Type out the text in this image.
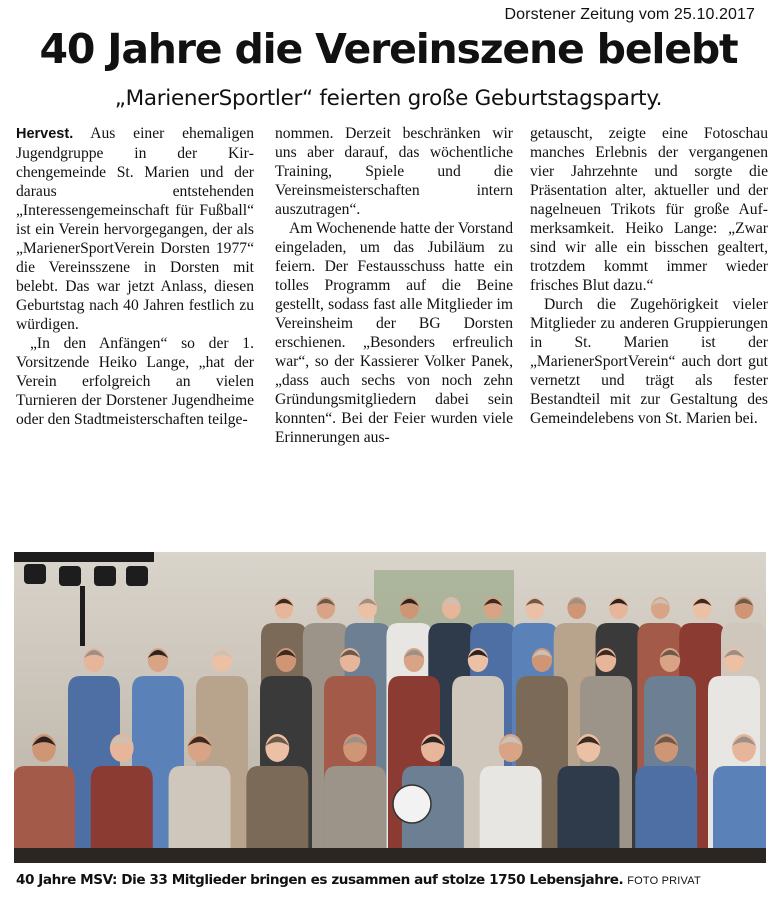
Dorstener Zeitung vom 25.10.2017
40 Jahre die Vereinszene belebt
„MarienerSportler“ feierten große Geburtstagsparty.

Hervest. Aus einer ehemaligen Jugendgruppe in der Kirchengemeinde St. Marien und der daraus entstehenden „Interessengemeinschaft für Fußball“ ist ein Verein hervorgegangen, der als „MarienerSportVerein Dorsten 1977“ die Vereinsszene in Dorsten mit belebt. Das war jetzt Anlass, diesen Geburtstag nach 40 Jahren festlich zu würdigen.

„In den Anfängen“ so der 1. Vorsitzende Heiko Lange, „hat der Verein erfolgreich an vielen Turnieren der Dorstener Jugendheime oder den Stadtmeisterschaften teilge-

nommen. Derzeit beschränken wir uns aber darauf, das wöchentliche Training, Spiele und die Vereinsmeisterschaften intern auszutragen“.

Am Wochenende hatte der Vorstand eingeladen, um das Jubiläum zu feiern. Der Festausschuss hatte ein tolles Programm auf die Beine gestellt, sodass fast alle Mitglieder im Vereinsheim der BG Dorsten erschienen. „Besonders erfreulich war“, so der Kassierer Volker Panek, „dass auch sechs von noch zehn Gründungsmitgliedern dabei sein konnten“. Bei der Feier wurden viele Erinnerungen aus-

getauscht, zeigte eine Fotoschau manches Erlebnis der vergangenen vier Jahrzehnte und sorgte die Präsentation alter, aktueller und der nagelneuen Trikots für große Aufmerksamkeit. Heiko Lange: „Zwar sind wir alle ein bisschen gealtert, trotzdem kommt immer wieder frisches Blut dazu.“

Durch die Zugehörigkeit vieler Mitglieder zu anderen Gruppierungen in St. Marien ist der „MarienerSportVerein“ auch dort gut vernetzt und trägt als fester Bestandteil mit zur Gestaltung des Gemeindelebens von St. Marien bei.

40 Jahre MSV: Die 33 Mitglieder bringen es zusammen auf stolze 1750 Lebensjahre. FOTO PRIVAT
